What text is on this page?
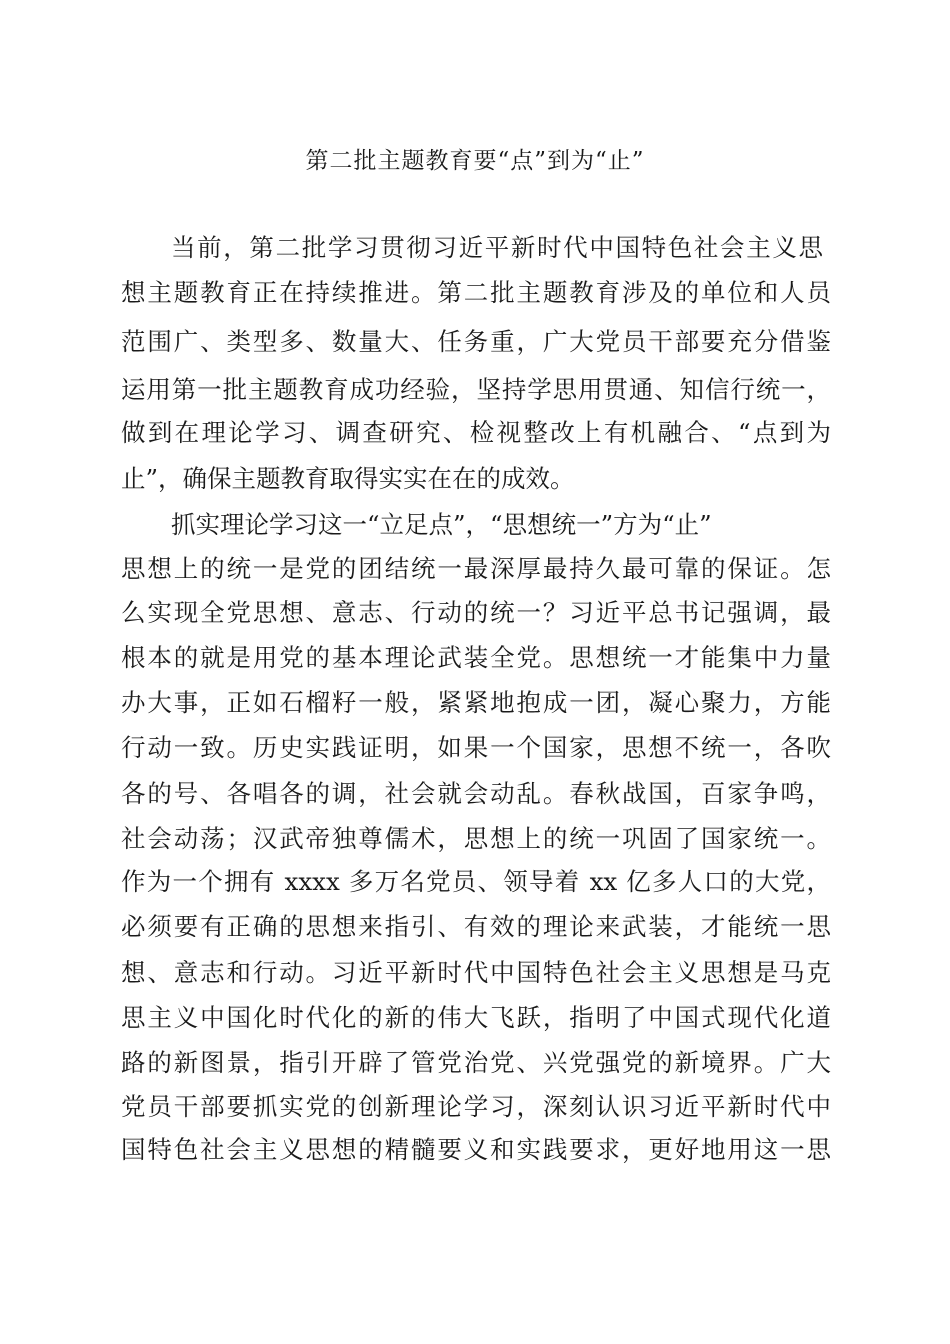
第二批主题教育要“点”到为“止”
当前，第二批学习贯彻习近平新时代中国特色社会主义思
想主题教育正在持续推进。第二批主题教育涉及的单位和人员
范围广、类型多、数量大、任务重，广大党员干部要充分借鉴
运用第一批主题教育成功经验，坚持学思用贯通、知信行统一，
做到在理论学习、调查研究、检视整改上有机融合、“点到为
止”，确保主题教育取得实实在在的成效。
抓实理论学习这一“立足点”，“思想统一”方为“止”
思想上的统一是党的团结统一最深厚最持久最可靠的保证。怎
么实现全党思想、意志、行动的统一？习近平总书记强调，最
根本的就是用党的基本理论武装全党。思想统一才能集中力量
办大事，正如石榴籽一般，紧紧地抱成一团，凝心聚力，方能
行动一致。历史实践证明，如果一个国家，思想不统一，各吹
各的号、各唱各的调，社会就会动乱。春秋战国，百家争鸣，
社会动荡；汉武帝独尊儒术，思想上的统一巩固了国家统一。
作为一个拥有 xxxx 多万名党员、领导着 xx 亿多人口的大党，
必须要有正确的思想来指引、有效的理论来武装，才能统一思
想、意志和行动。习近平新时代中国特色社会主义思想是马克
思主义中国化时代化的新的伟大飞跃，指明了中国式现代化道
路的新图景，指引开辟了管党治党、兴党强党的新境界。广大
党员干部要抓实党的创新理论学习，深刻认识习近平新时代中
国特色社会主义思想的精髓要义和实践要求，更好地用这一思
